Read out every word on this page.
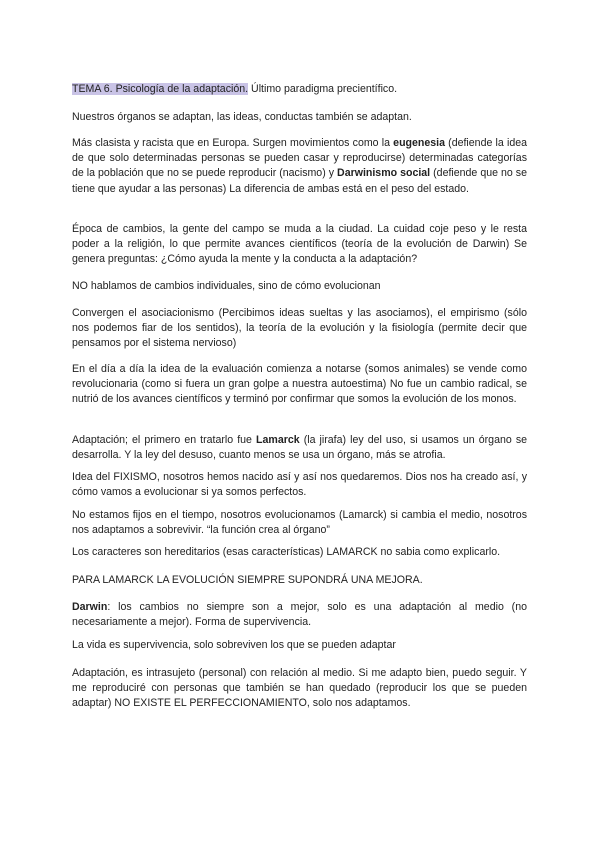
TEMA 6. Psicología de la adaptación. Último paradigma precientífico.

Nuestros órganos se adaptan, las ideas, conductas también se adaptan.

Más clasista y racista que en Europa. Surgen movimientos como la eugenesia (defiende la idea de que solo determinadas personas se pueden casar y reproducirse) determinadas categorías de la población que no se puede reproducir (nacismo) y Darwinismo social (defiende que no se tiene que ayudar a las personas) La diferencia de ambas está en el peso del estado.

Época de cambios, la gente del campo se muda a la ciudad. La cuidad coje peso y le resta poder a la religión, lo que permite avances científicos (teoría de la evolución de Darwin) Se genera preguntas: ¿Cómo ayuda la mente y la conducta a la adaptación?

NO hablamos de cambios individuales, sino de cómo evolucionan

Convergen el asociacionismo (Percibimos ideas sueltas y las asociamos), el empirismo (sólo nos podemos fiar de los sentidos), la teoría de la evolución y la fisiología (permite decir que pensamos por el sistema nervioso)

En el día a día la idea de la evaluación comienza a notarse (somos animales) se vende como revolucionaria (como si fuera un gran golpe a nuestra autoestima) No fue un cambio radical, se nutrió de los avances científicos y terminó por confirmar que somos la evolución de los monos.

Adaptación; el primero en tratarlo fue Lamarck (la jirafa) ley del uso, si usamos un órgano se desarrolla. Y la ley del desuso, cuanto menos se usa un órgano, más se atrofia.

Idea del FIXISMO, nosotros hemos nacido así y así nos quedaremos. Dios nos ha creado así, y cómo vamos a evolucionar si ya somos perfectos.

No estamos fijos en el tiempo, nosotros evolucionamos (Lamarck) si cambia el medio, nosotros nos adaptamos a sobrevivir. “la función crea al órgano”

Los caracteres son hereditarios (esas características) LAMARCK no sabia como explicarlo.

PARA LAMARCK LA EVOLUCIÓN SIEMPRE SUPONDRÁ UNA MEJORA.

Darwin: los cambios no siempre son a mejor, solo es una adaptación al medio (no necesariamente a mejor). Forma de supervivencia.

La vida es supervivencia, solo sobreviven los que se pueden adaptar

Adaptación, es intrasujeto (personal) con relación al medio. Si me adapto bien, puedo seguir. Y me reproduciré con personas que también se han quedado (reproducir los que se pueden adaptar) NO EXISTE EL PERFECCIONAMIENTO, solo nos adaptamos.
